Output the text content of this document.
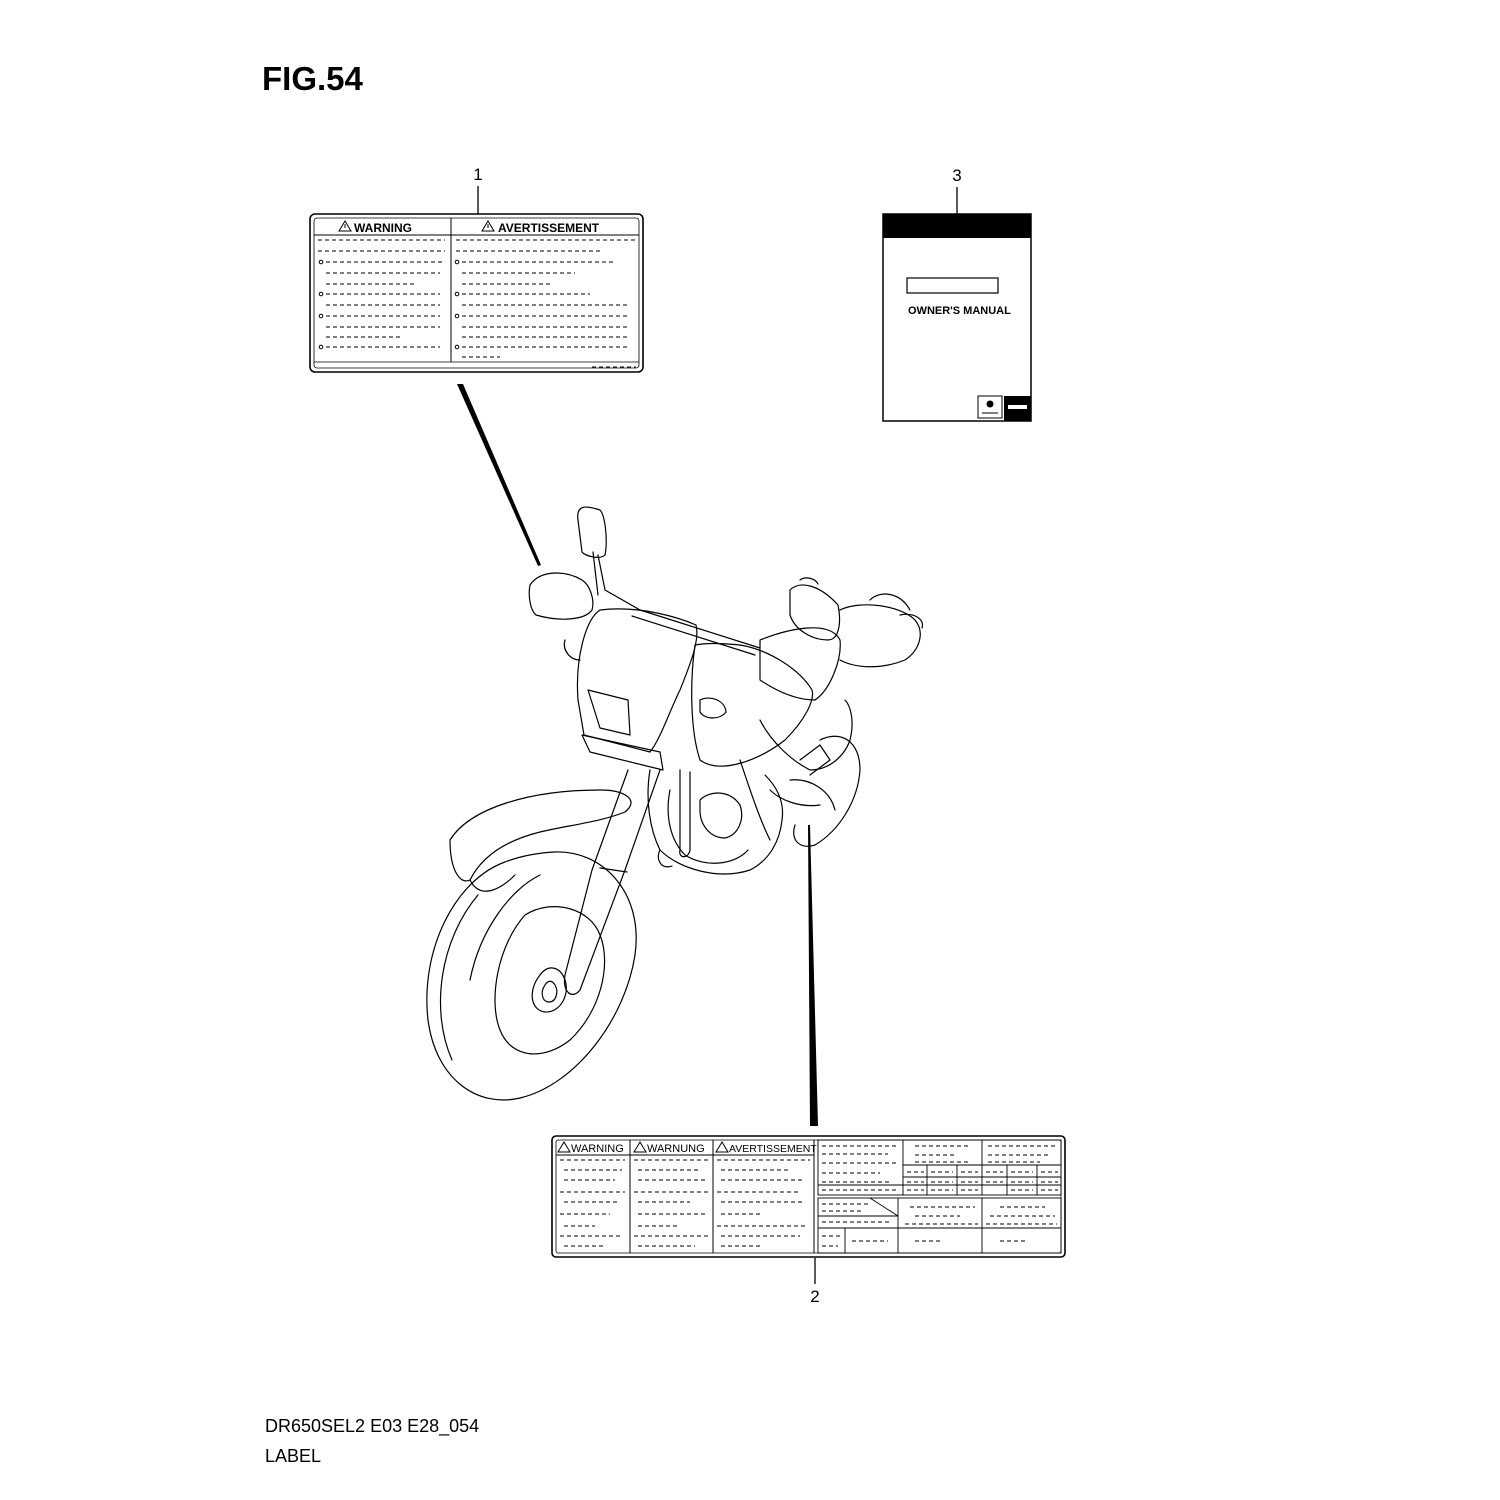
FIG.54
1	3
2
WARNING	AVERTISSEMENT
OWNER'S MANUAL
WARNING WARNUNG AVERTISSEMENT
DR650SEL2 E03 E28_054
LABEL
